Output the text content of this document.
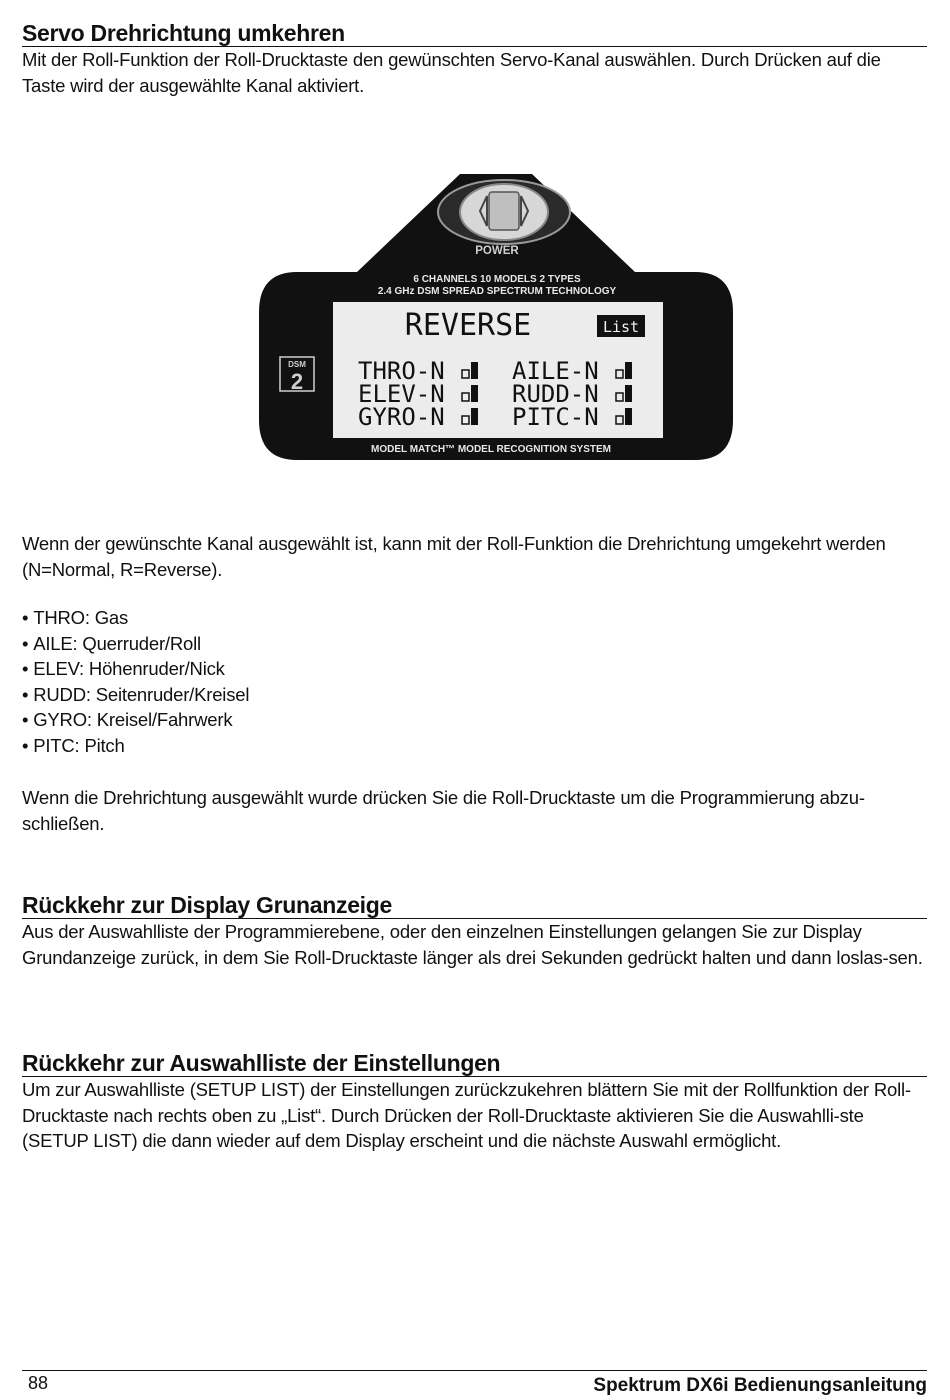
Servo Drehrichtung umkehren

Mit der Roll-Funktion der Roll-Drucktaste den gewünschten Servo-Kanal auswählen. Durch Drücken auf die Taste wird der ausgewählte Kanal aktiviert.

POWER
6 CHANNELS 10 MODELS 2 TYPES
2.4 GHz DSM SPREAD SPECTRUM TECHNOLOGY
DSM
2
REVERSE	List
THRO-N	AILE-N
ELEV-N	RUDD-N
GYRO-N	PITC-N
MODEL MATCH™ MODEL RECOGNITION SYSTEM

Wenn der gewünschte Kanal ausgewählt ist, kann mit der Roll-Funktion die Drehrichtung umgekehrt werden (N=Normal, R=Reverse).

• THRO: Gas
• AILE: Querruder/Roll
• ELEV: Höhenruder/Nick
• RUDD: Seitenruder/Kreisel
• GYRO: Kreisel/Fahrwerk
• PITC: Pitch

Wenn die Drehrichtung ausgewählt wurde drücken Sie die Roll-Drucktaste um die Programmierung abzu-schließen.

Rückkehr zur Display Grunanzeige

Aus der Auswahlliste der Programmierebene, oder den einzelnen Einstellungen gelangen Sie zur Display Grundanzeige zurück, in dem Sie Roll-Drucktaste länger als drei Sekunden gedrückt halten und dann loslas-sen.

Rückkehr zur Auswahlliste der Einstellungen

Um zur Auswahlliste (SETUP LIST) der Einstellungen zurückzukehren blättern Sie mit der Rollfunktion der Roll-Drucktaste nach rechts oben zu „List“. Durch Drücken der Roll-Drucktaste aktivieren Sie die Auswahlli-ste (SETUP LIST) die dann wieder auf dem Display erscheint und die nächste Auswahl ermöglicht.

88	Spektrum DX6i Bedienungsanleitung
